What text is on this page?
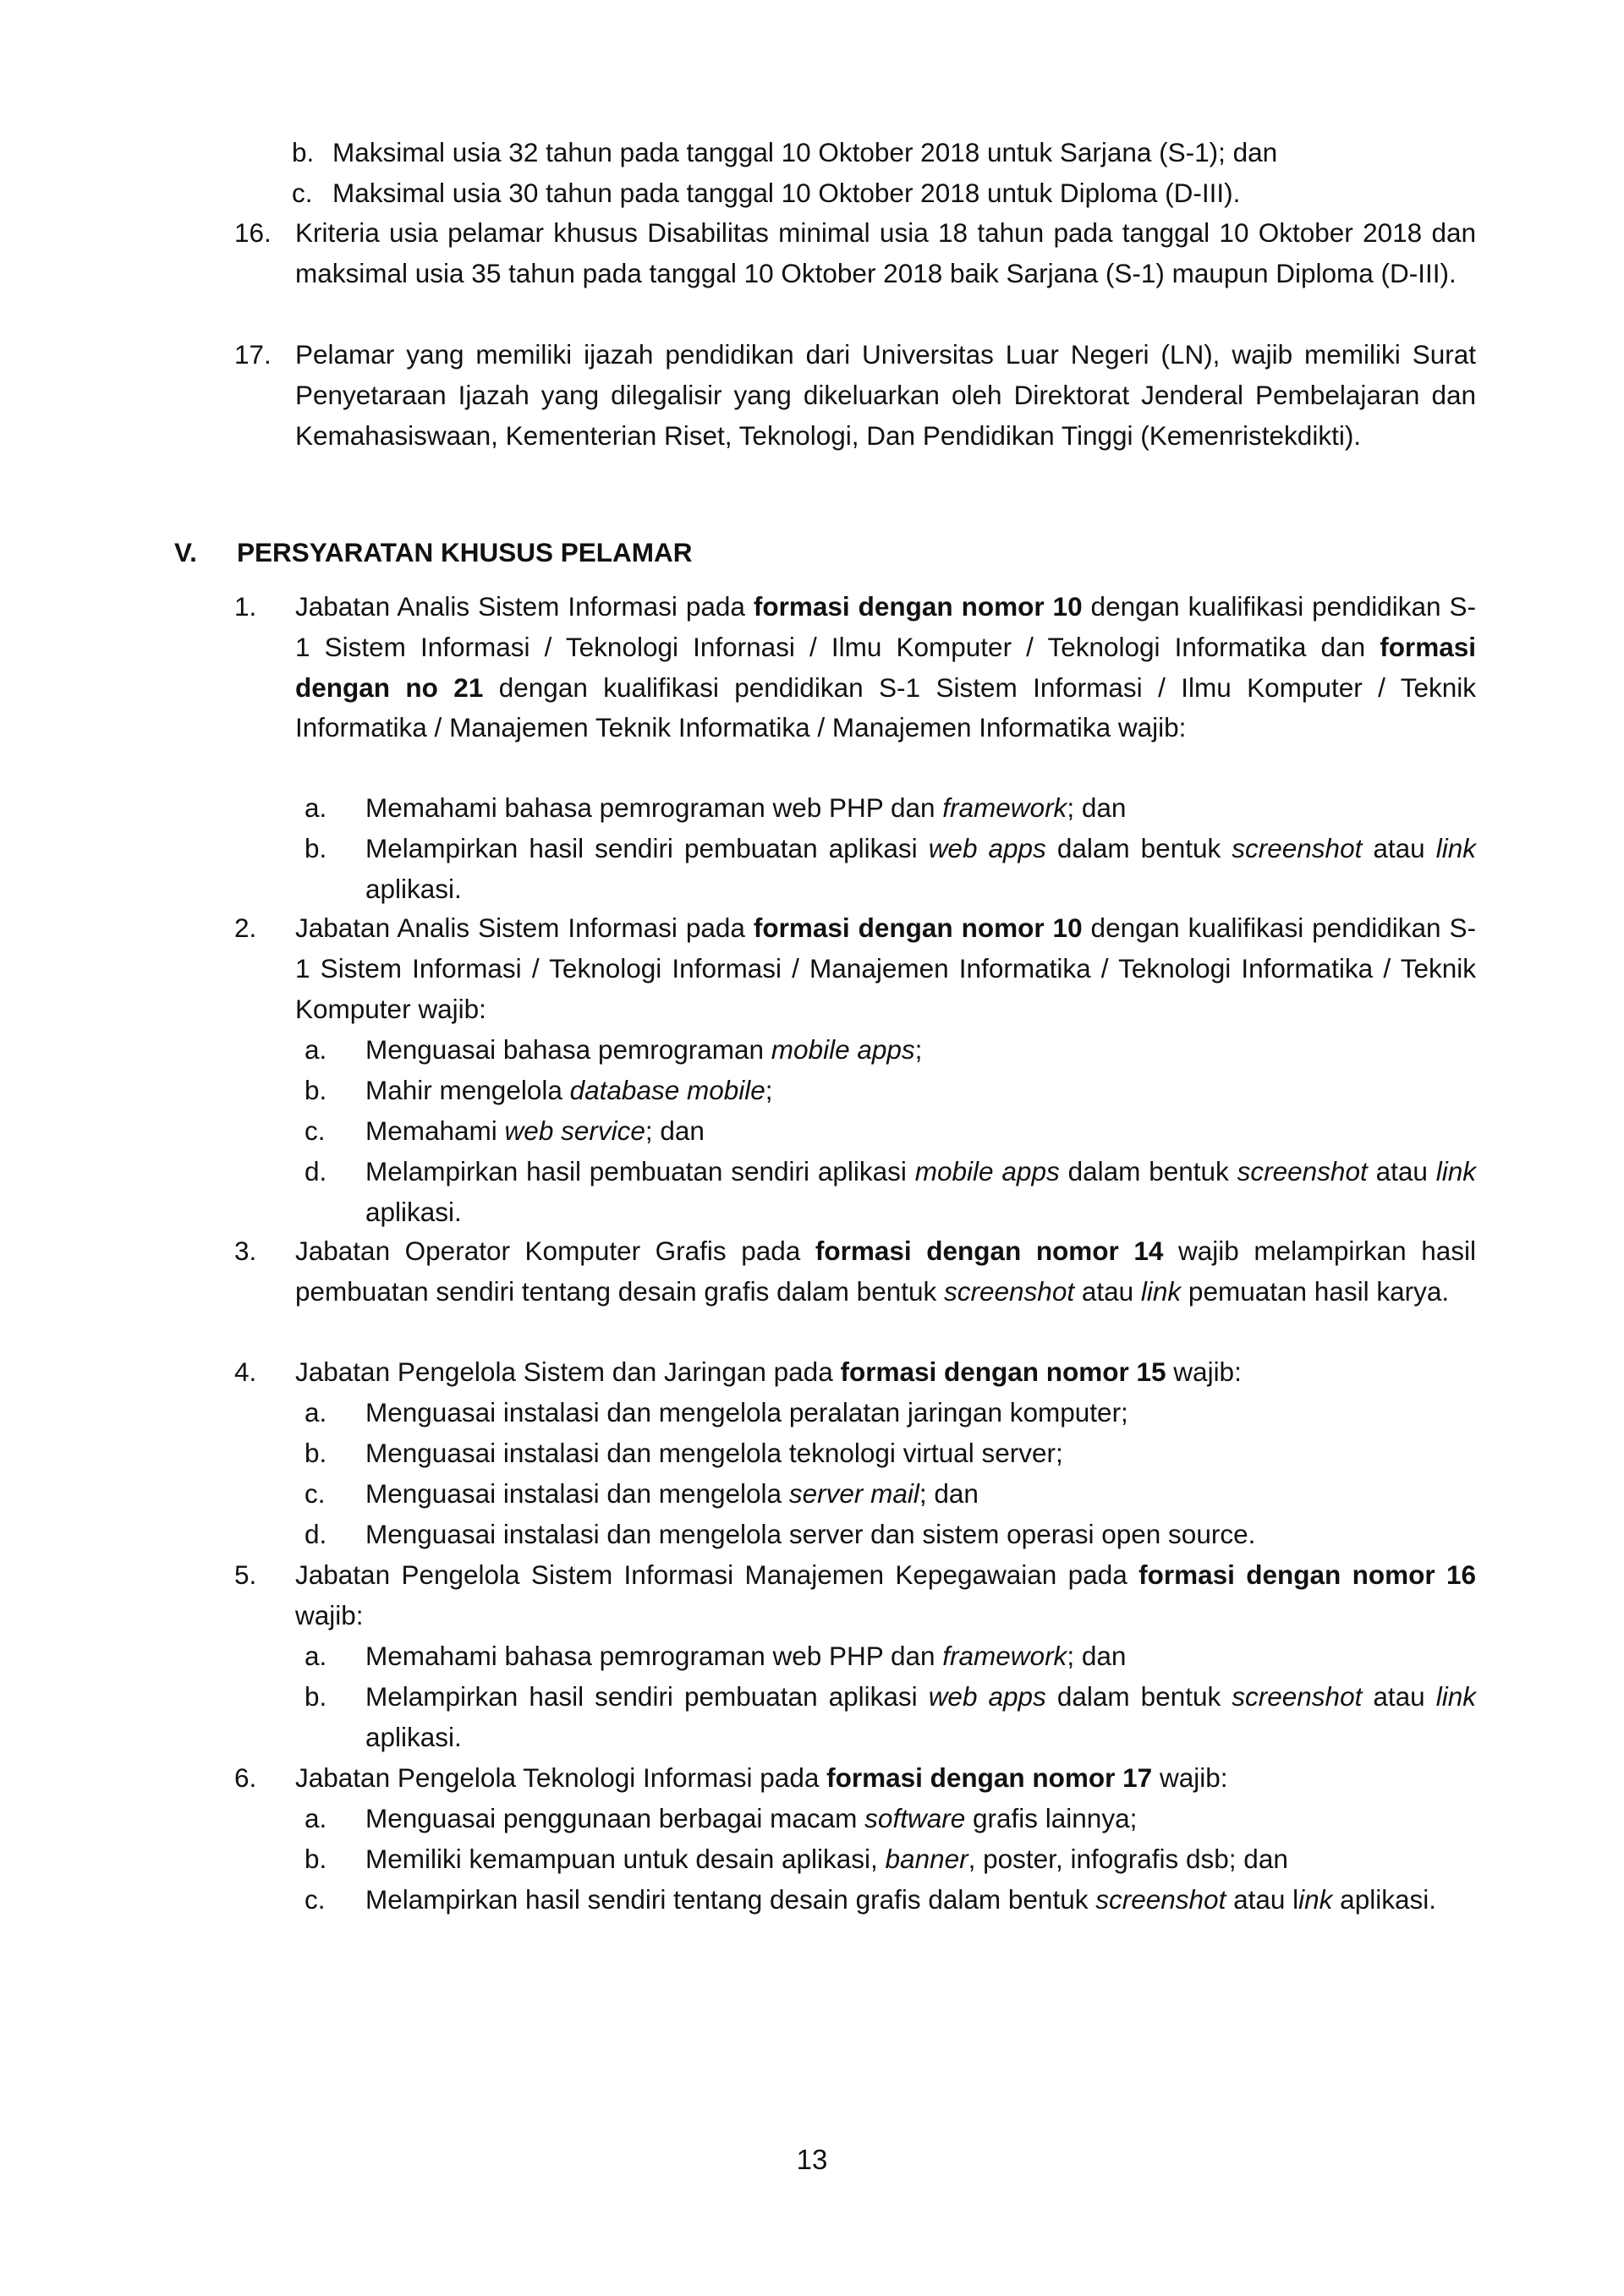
b. Maksimal usia 32 tahun pada tanggal 10 Oktober 2018 untuk Sarjana (S-1); dan

c. Maksimal usia 30 tahun pada tanggal 10 Oktober 2018 untuk Diploma (D-III).

16. Kriteria usia pelamar khusus Disabilitas minimal usia 18 tahun pada tanggal 10 Oktober 2018 dan maksimal usia 35 tahun pada tanggal 10 Oktober 2018 baik Sarjana (S-1) maupun Diploma (D-III).

17. Pelamar yang memiliki ijazah pendidikan dari Universitas Luar Negeri (LN), wajib memiliki Surat Penyetaraan Ijazah yang dilegalisir yang dikeluarkan oleh Direktorat Jenderal Pembelajaran dan Kemahasiswaan, Kementerian Riset, Teknologi, Dan Pendidikan Tinggi (Kemenristekdikti).

V. PERSYARATAN KHUSUS PELAMAR
1.	Jabatan Analis Sistem Informasi pada formasi dengan nomor 10 dengan kualifikasi pendidikan S-1 Sistem Informasi / Teknologi Infornasi / Ilmu Komputer / Teknologi Informatika dan formasi dengan no 21 dengan kualifikasi pendidikan S-1 Sistem Informasi / Ilmu Komputer / Teknik Informatika / Manajemen Teknik Informatika / Manajemen Informatika wajib:

a.	Memahami bahasa pemrograman web PHP dan framework; dan

b.	Melampirkan hasil sendiri pembuatan aplikasi web apps dalam bentuk screenshot atau link aplikasi.

2.	Jabatan Analis Sistem Informasi pada formasi dengan nomor 10 dengan kualifikasi pendidikan S-1 Sistem Informasi / Teknologi Informasi / Manajemen Informatika / Teknologi Informatika / Teknik Komputer wajib:

a.	Menguasai bahasa pemrograman mobile apps;

b.	Mahir mengelola database mobile;

c.	Memahami web service; dan

d.	Melampirkan hasil pembuatan sendiri aplikasi mobile apps dalam bentuk screenshot atau link aplikasi.

3.	Jabatan Operator Komputer Grafis pada formasi dengan nomor 14 wajib melampirkan hasil pembuatan sendiri tentang desain grafis dalam bentuk screenshot atau link pemuatan hasil karya.

4.	Jabatan Pengelola Sistem dan Jaringan pada formasi dengan nomor 15 wajib:

a.	Menguasai instalasi dan mengelola peralatan jaringan komputer;

b.	Menguasai instalasi dan mengelola teknologi virtual server;

c.	Menguasai instalasi dan mengelola server mail; dan

d.	Menguasai instalasi dan mengelola server dan sistem operasi open source.

5.	Jabatan Pengelola Sistem Informasi Manajemen Kepegawaian pada formasi dengan nomor 16 wajib:

a.	Memahami bahasa pemrograman web PHP dan framework; dan

b.	Melampirkan hasil sendiri pembuatan aplikasi web apps dalam bentuk screenshot atau link aplikasi.

6.	Jabatan Pengelola Teknologi Informasi pada formasi dengan nomor 17 wajib:

a.	Menguasai penggunaan berbagai macam software grafis lainnya;

b.	Memiliki kemampuan untuk desain aplikasi, banner, poster, infografis dsb; dan

c.	Melampirkan hasil sendiri tentang desain grafis dalam bentuk screenshot atau link aplikasi.

13
